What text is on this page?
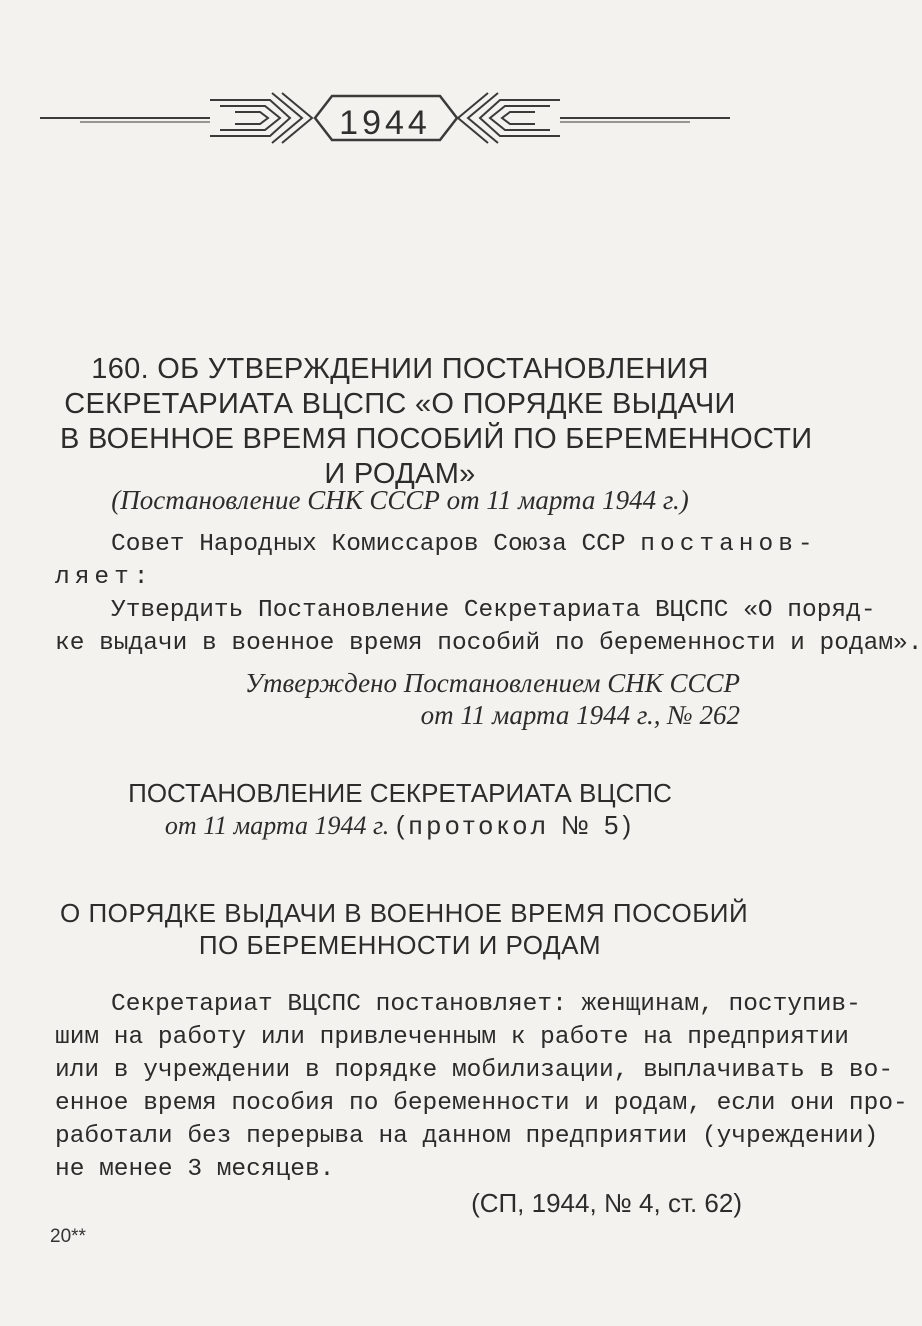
1944
160. ОБ УТВЕРЖДЕНИИ ПОСТАНОВЛЕНИЯ
СЕКРЕТАРИАТА ВЦСПС «О ПОРЯДКЕ ВЫДАЧИ
В ВОЕННОЕ ВРЕМЯ ПОСОБИЙ ПО БЕРЕМЕННОСТИ
И РОДАМ»
(Постановление СНК СССР от 11 марта 1944 г.)
Совет Народных Комиссаров Союза ССР постанов-
ляет:
Утвердить Постановление Секретариата ВЦСПС «О поряд-
ке выдачи в военное время пособий по беременности и родам».
Утверждено Постановлением СНК СССР
от 11 марта 1944 г., № 262
ПОСТАНОВЛЕНИЕ СЕКРЕТАРИАТА ВЦСПС
от 11 марта 1944 г. (протокол № 5)
О ПОРЯДКЕ ВЫДАЧИ В ВОЕННОЕ ВРЕМЯ ПОСОБИЙ
ПО БЕРЕМЕННОСТИ И РОДАМ
Секретариат ВЦСПС постановляет: женщинам, поступив-
шим на работу или привлеченным к работе на предприятии
или в учреждении в порядке мобилизации, выплачивать в во-
енное время пособия по беременности и родам, если они про-
работали без перерыва на данном предприятии (учреждении)
не менее 3 месяцев.
(СП, 1944, № 4, ст. 62)
20**
